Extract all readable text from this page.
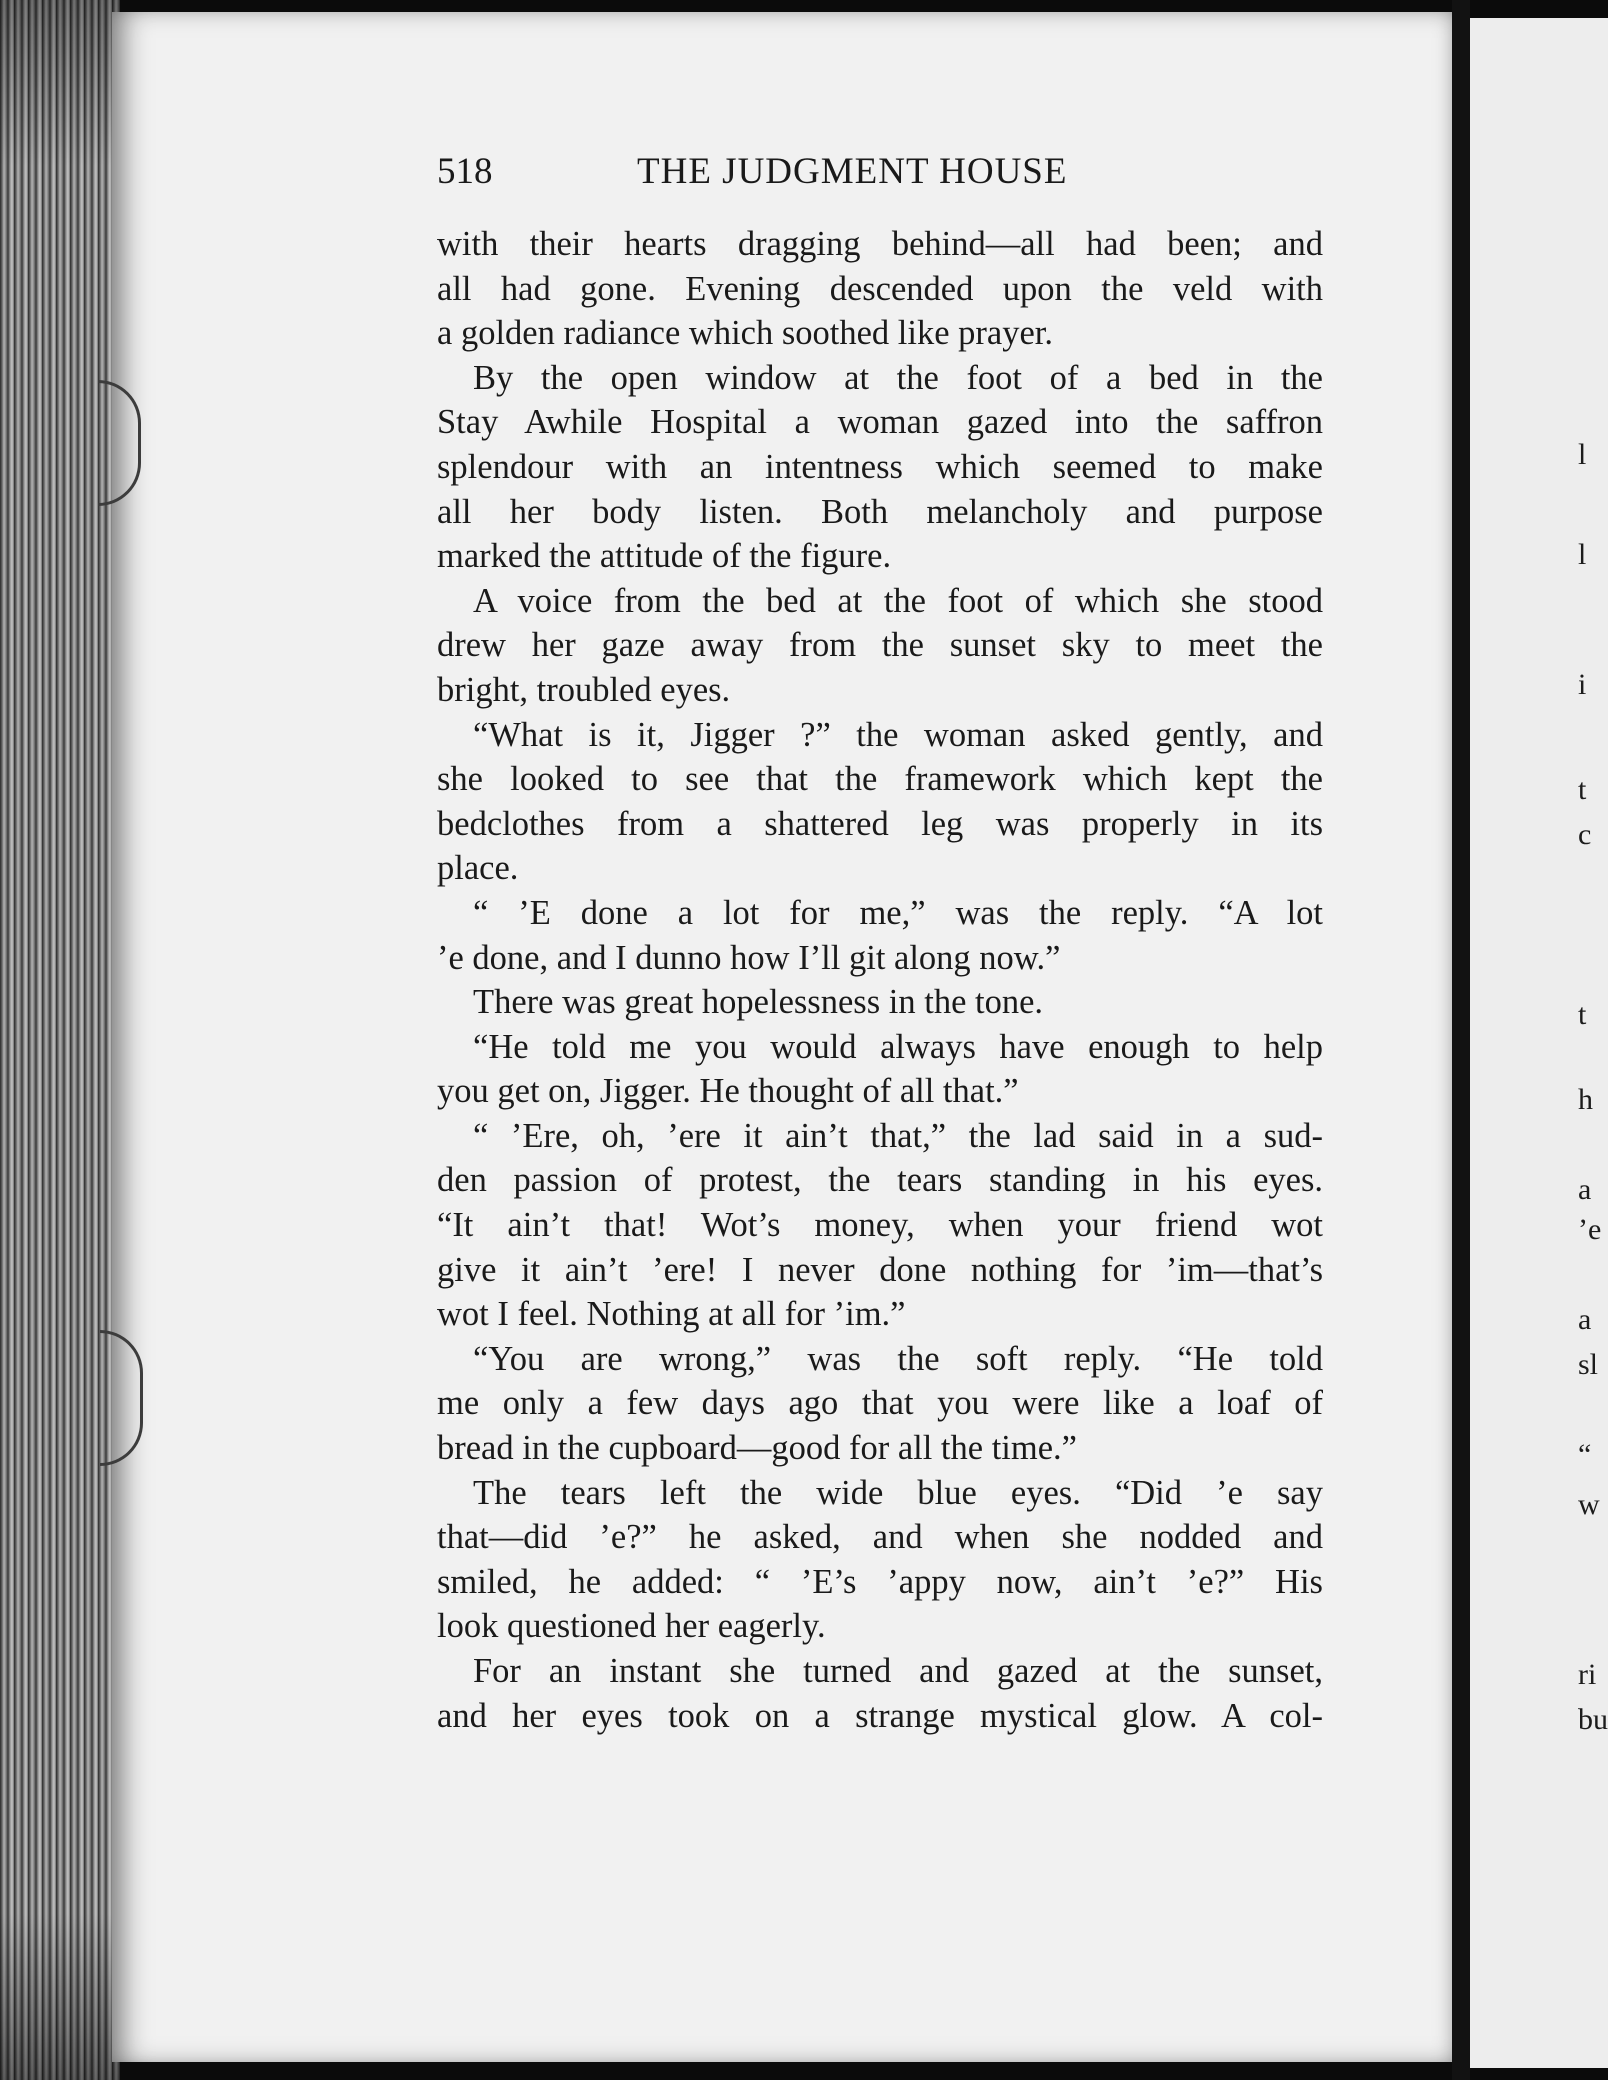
518	THE JUDGMENT HOUSE
with their hearts dragging behind—all had been; and
all had gone. Evening descended upon the veld with
a golden radiance which soothed like prayer.
By the open window at the foot of a bed in the
Stay Awhile Hospital a woman gazed into the saffron
splendour with an intentness which seemed to make
all her body listen. Both melancholy and purpose
marked the attitude of the figure.
A voice from the bed at the foot of which she stood
drew her gaze away from the sunset sky to meet the
bright, troubled eyes.
“What is it, Jigger ?” the woman asked gently, and
she looked to see that the framework which kept the
bedclothes from a shattered leg was properly in its
place.
“ ’E done a lot for me,” was the reply. “A lot
’e done, and I dunno how I’ll git along now.”
There was great hopelessness in the tone.
“He told me you would always have enough to help
you get on, Jigger. He thought of all that.”
“ ’Ere, oh, ’ere it ain’t that,” the lad said in a sud-
den passion of protest, the tears standing in his eyes.
“It ain’t that! Wot’s money, when your friend wot
give it ain’t ’ere! I never done nothing for ’im—that’s
wot I feel. Nothing at all for ’im.”
“You are wrong,” was the soft reply. “He told
me only a few days ago that you were like a loaf of
bread in the cupboard—good for all the time.”
The tears left the wide blue eyes. “Did ’e say
that—did ’e?” he asked, and when she nodded and
smiled, he added: “ ’E’s ’appy now, ain’t ’e?” His
look questioned her eagerly.
For an instant she turned and gazed at the sunset,
and her eyes took on a strange mystical glow. A col-
l
l
i
t
c
t
h
a
’e
a
sl
“
w
ri
bu
